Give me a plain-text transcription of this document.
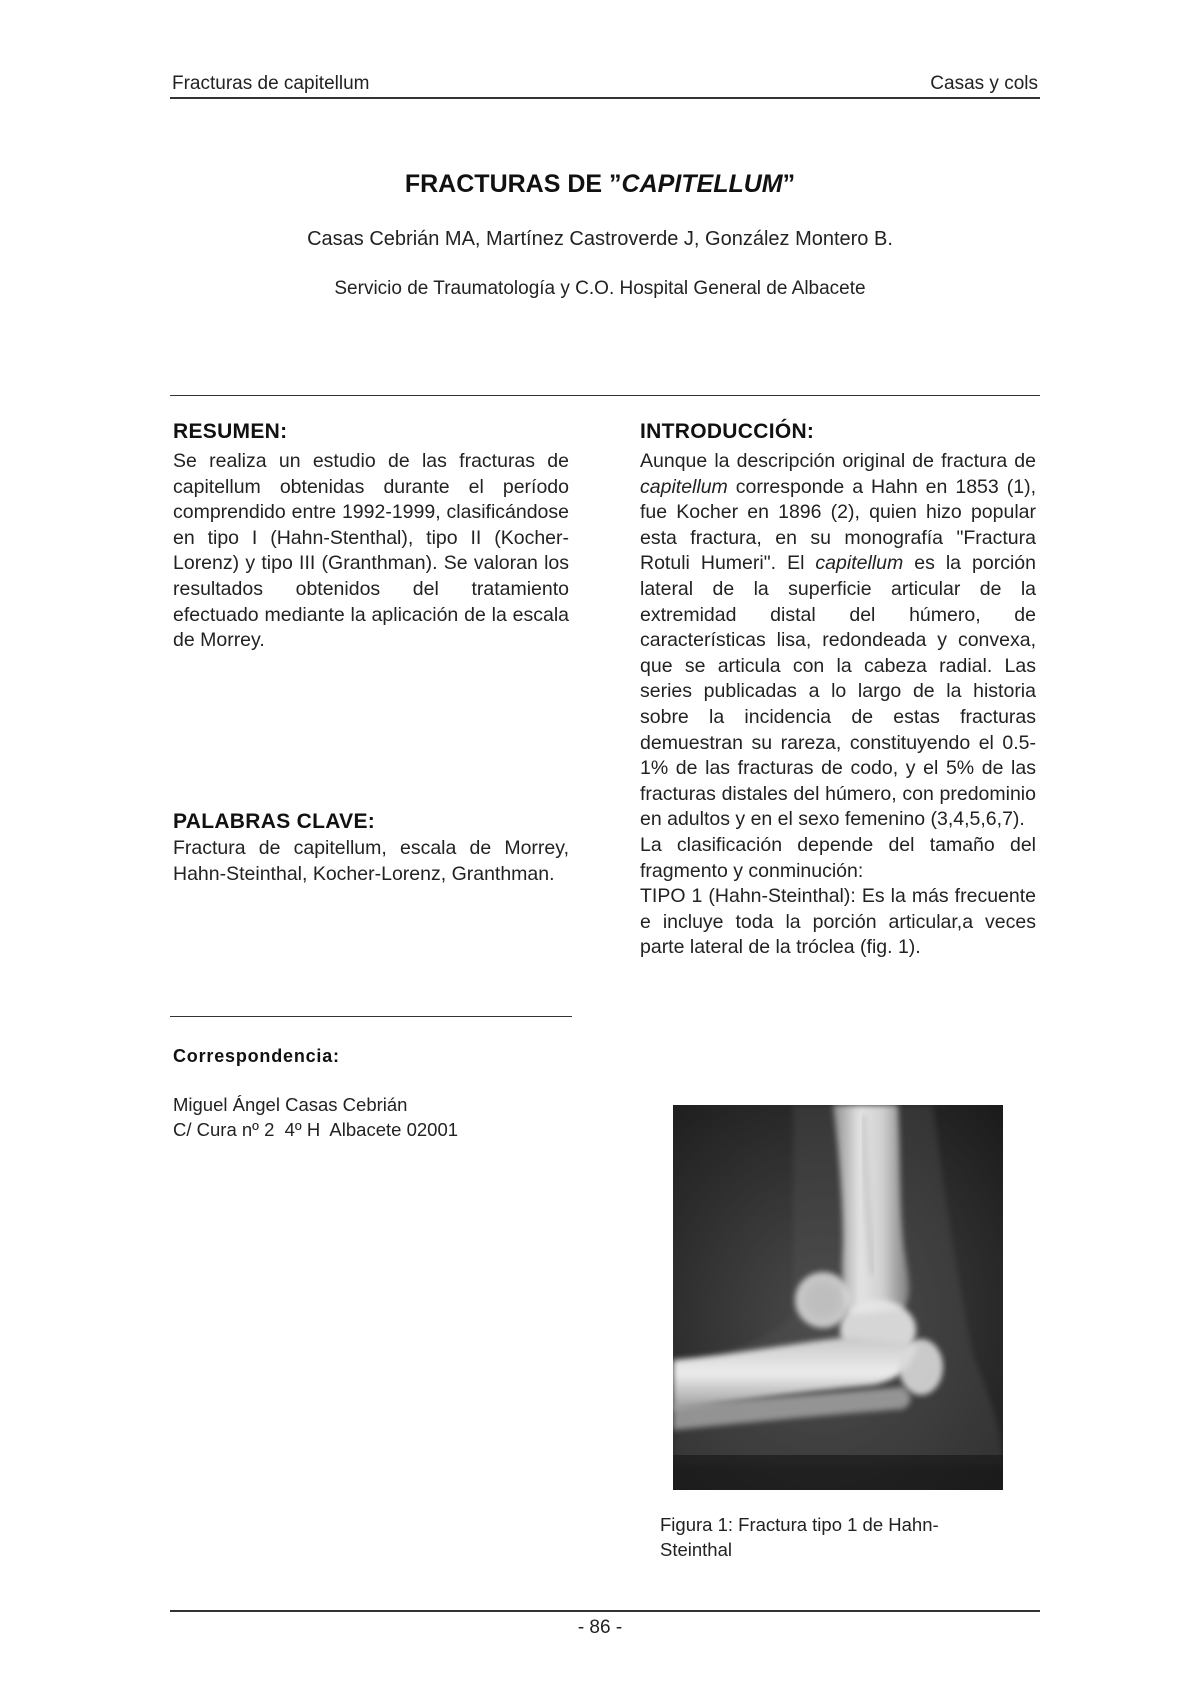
Fracturas de capitellum	Casas y cols
FRACTURAS DE ”CAPITELLUM”
Casas Cebrián MA, Martínez Castroverde J, González Montero B.
Servicio de Traumatología y C.O. Hospital General de Albacete
RESUMEN:
Se realiza un estudio de las fracturas de capitellum obtenidas durante el período comprendido entre 1992-1999, clasificándose en tipo I (Hahn-Stenthal), tipo II (Kocher-Lorenz) y tipo III (Granthman). Se valoran los resultados obtenidos del tratamiento efectuado mediante la aplicación de la escala de Morrey.
PALABRAS CLAVE:
Fractura de capitellum, escala de Morrey, Hahn-Steinthal, Kocher-Lorenz, Granthman.
Correspondencia:
Miguel Ángel Casas Cebrián
C/ Cura nº 2  4º H  Albacete 02001
INTRODUCCIÓN:

Aunque la descripción original de fractura de capitellum corresponde a Hahn en 1853 (1), fue Kocher en 1896 (2), quien hizo popular esta fractura, en su monografía "Fractura Rotuli Humeri". El capitellum es la porción lateral de la superficie articular de la extremidad distal del húmero, de características lisa, redondeada y convexa, que se articula con la cabeza radial. Las series publicadas a lo largo de la historia sobre la incidencia de estas fracturas demuestran su rareza, constituyendo el 0.5-1% de las fracturas de codo, y el 5% de las fracturas distales del húmero, con predominio en adultos y en el sexo femenino (3,4,5,6,7).

La clasificación depende del tamaño del fragmento y conminución:

TIPO 1 (Hahn-Steinthal): Es la más frecuente e incluye toda la porción articular,a veces parte lateral de la tróclea (fig. 1).

Figura 1: Fractura tipo 1 de Hahn-Steinthal
- 86 -
